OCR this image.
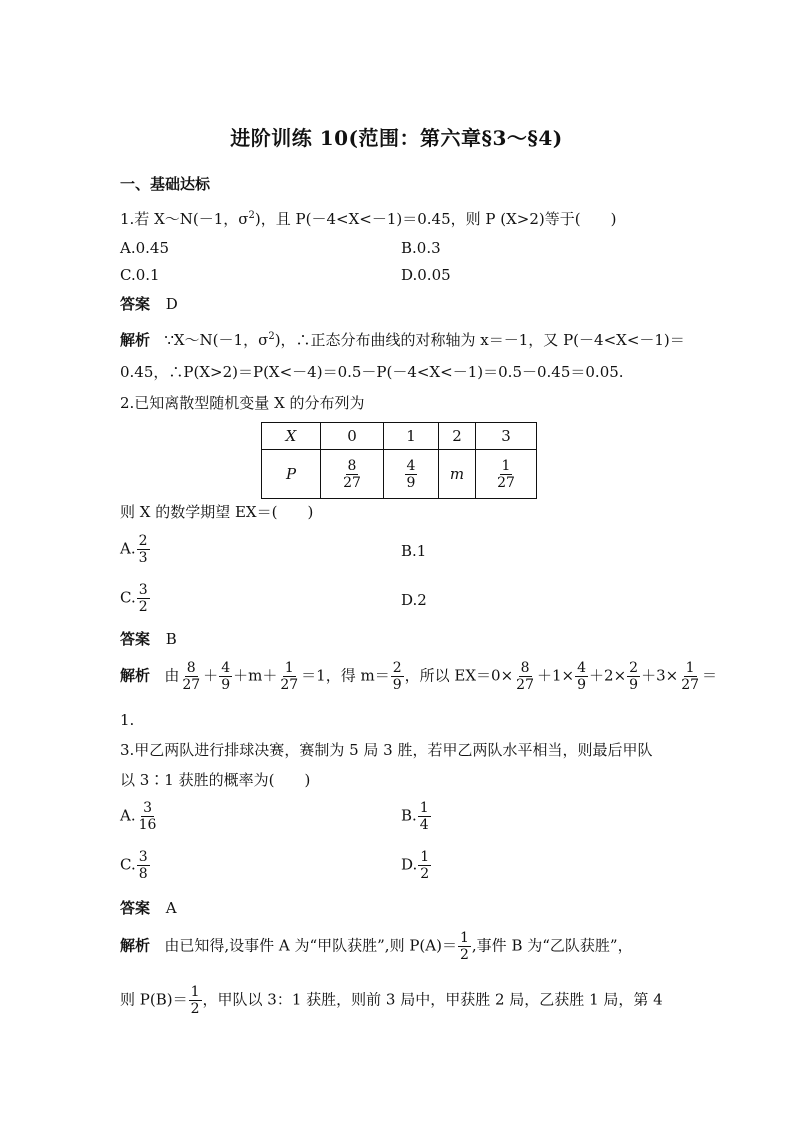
进阶训练 10(范围：第六章§3～§4)
一、基础达标
1.若 X～N(－1，$\sigma^2$)，且 P(－4<X<－1)＝0.45，则 P (X>2)等于(　　)
A.0.45	B.0.3
C.0.1	D.0.05
答案 D
解析 ∵X～N(－1，$\sigma^2$)，∴正态分布曲线的对称轴为 x＝－1，又 P(－4<X<－1)＝
0.45，∴P(X>2)＝P(X<－4)＝0.5－P(－4<X<－1)＝0.5－0.45＝0.05.
2.已知离散型随机变量 X 的分布列为
X	0	1	2	3
P	$\frac{8}{27}$	$\frac{4}{9}$	m	$\frac{1}{27}$
则 X 的数学期望 EX＝(　　)
A. $\frac{2}{3}$	B.1
C. $\frac{3}{2}$	D.2
答案 B
解析 由 $\frac{8}{27} + \frac{4}{9} +m+ \frac{1}{27} =1$，得 $m= \frac{2}{9}$ ，所以 $EX=0\times \frac{8}{27} +1\times \frac{4}{9} +2\times \frac{2}{9} +3\times \frac{1}{27}$ ＝
1.
3.甲乙两队进行排球决赛，赛制为 5 局 3 胜，若甲乙两队水平相当，则最后甲队
以 3∶1 获胜的概率为(　　)
A. $\frac{3}{16}$	B. $\frac{1}{4}$
C. $\frac{3}{8}$	D. $\frac{1}{2}$
答案 A
解析 由已知得,设事件 A 为“甲队获胜”,则 $P(A)= \frac{1}{2}$ ,事件 B 为“乙队获胜”，
则 $P(B)= \frac{1}{2}$ ，甲队以 3：1 获胜，则前 3 局中，甲获胜 2 局，乙获胜 1 局，第 4
